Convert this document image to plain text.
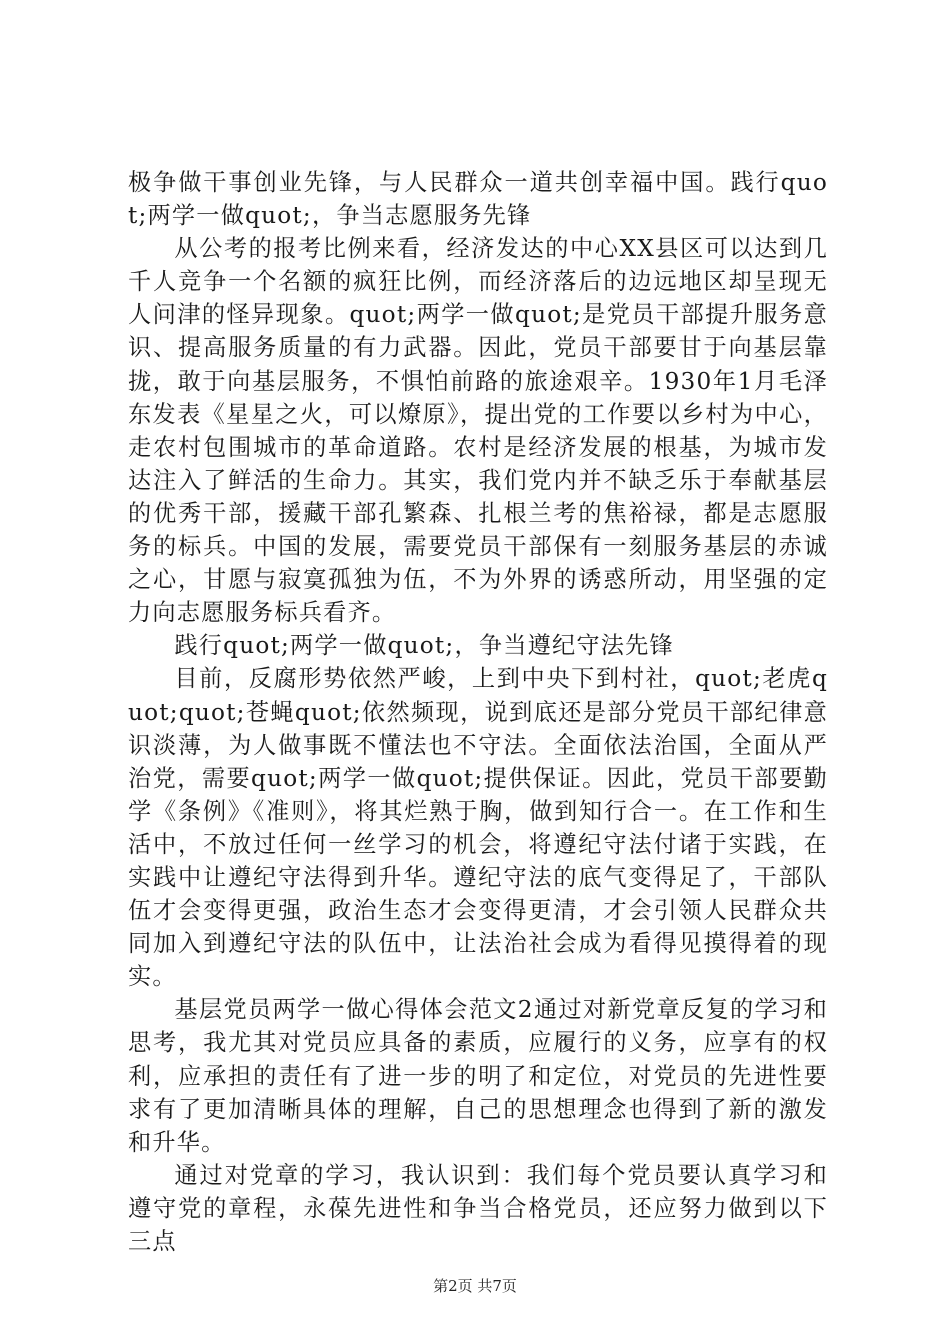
极争做干事创业先锋，与人民群众一道共创幸福中国。践行quot;两学一做quot;，争当志愿服务先锋

从公考的报考比例来看，经济发达的中心XX县区可以达到几千人竞争一个名额的疯狂比例，而经济落后的边远地区却呈现无人问津的怪异现象。quot;两学一做quot;是党员干部提升服务意识、提高服务质量的有力武器。因此，党员干部要甘于向基层靠拢，敢于向基层服务，不惧怕前路的旅途艰辛。1930年1月毛泽东发表《星星之火，可以燎原》，提出党的工作要以乡村为中心，走农村包围城市的革命道路。农村是经济发展的根基，为城市发达注入了鲜活的生命力。其实，我们党内并不缺乏乐于奉献基层的优秀干部，援藏干部孔繁森、扎根兰考的焦裕禄，都是志愿服务的标兵。中国的发展，需要党员干部保有一刻服务基层的赤诚之心，甘愿与寂寞孤独为伍，不为外界的诱惑所动，用坚强的定力向志愿服务标兵看齐。

践行quot;两学一做quot;，争当遵纪守法先锋

目前，反腐形势依然严峻，上到中央下到村社，quot;老虎quot;quot;苍蝇quot;依然频现，说到底还是部分党员干部纪律意识淡薄，为人做事既不懂法也不守法。全面依法治国，全面从严治党，需要quot;两学一做quot;提供保证。因此，党员干部要勤学《条例》《准则》，将其烂熟于胸，做到知行合一。在工作和生活中，不放过任何一丝学习的机会，将遵纪守法付诸于实践，在实践中让遵纪守法得到升华。遵纪守法的底气变得足了，干部队伍才会变得更强，政治生态才会变得更清，才会引领人民群众共同加入到遵纪守法的队伍中，让法治社会成为看得见摸得着的现实。

基层党员两学一做心得体会范文2通过对新党章反复的学习和思考，我尤其对党员应具备的素质，应履行的义务，应享有的权利，应承担的责任有了进一步的明了和定位，对党员的先进性要求有了更加清晰具体的理解，自己的思想理念也得到了新的激发和升华。

通过对党章的学习，我认识到：我们每个党员要认真学习和遵守党的章程，永葆先进性和争当合格党员，还应努力做到以下三点

第2页 共7页
